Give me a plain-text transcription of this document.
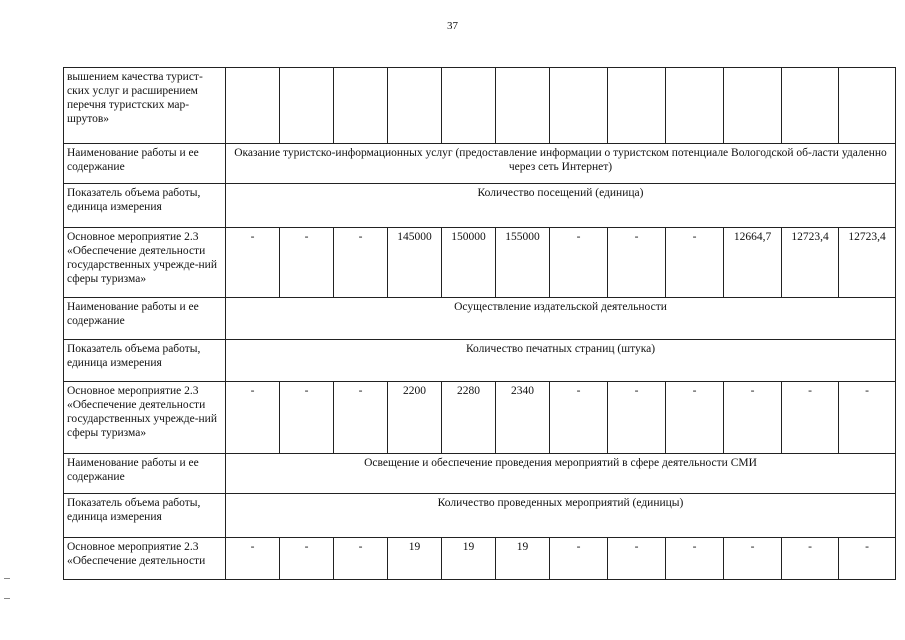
37
вышением качества турист-ских услуг и расширением перечня туристских мар-шрутов»												
Наименование работы и ее содержание	Оказание туристско-информационных услуг (предоставление информации о туристском потенциале Вологодской об-ласти удаленно через сеть Интернет)											
Показатель объема работы, единица измерения	Количество посещений (единица)											
Основное мероприятие 2.3 «Обеспечение деятельности государственных учрежде-ний сферы туризма»	-	-	-	145000	150000	155000	-	-	-	12664,7	12723,4	12723,4
Наименование работы и ее содержание	Осуществление издательской деятельности											
Показатель объема работы, единица измерения	Количество печатных страниц (штука)											
Основное мероприятие 2.3 «Обеспечение деятельности государственных учрежде-ний сферы туризма»	-	-	-	2200	2280	2340	-	-	-	-	-	-
Наименование работы и ее содержание	Освещение и обеспечение проведения мероприятий в сфере деятельности СМИ											
Показатель объема работы, единица измерения	Количество проведенных мероприятий (единицы)											
Основное мероприятие 2.3 «Обеспечение деятельности	-	-	-	19	19	19	-	-	-	-	-	-
